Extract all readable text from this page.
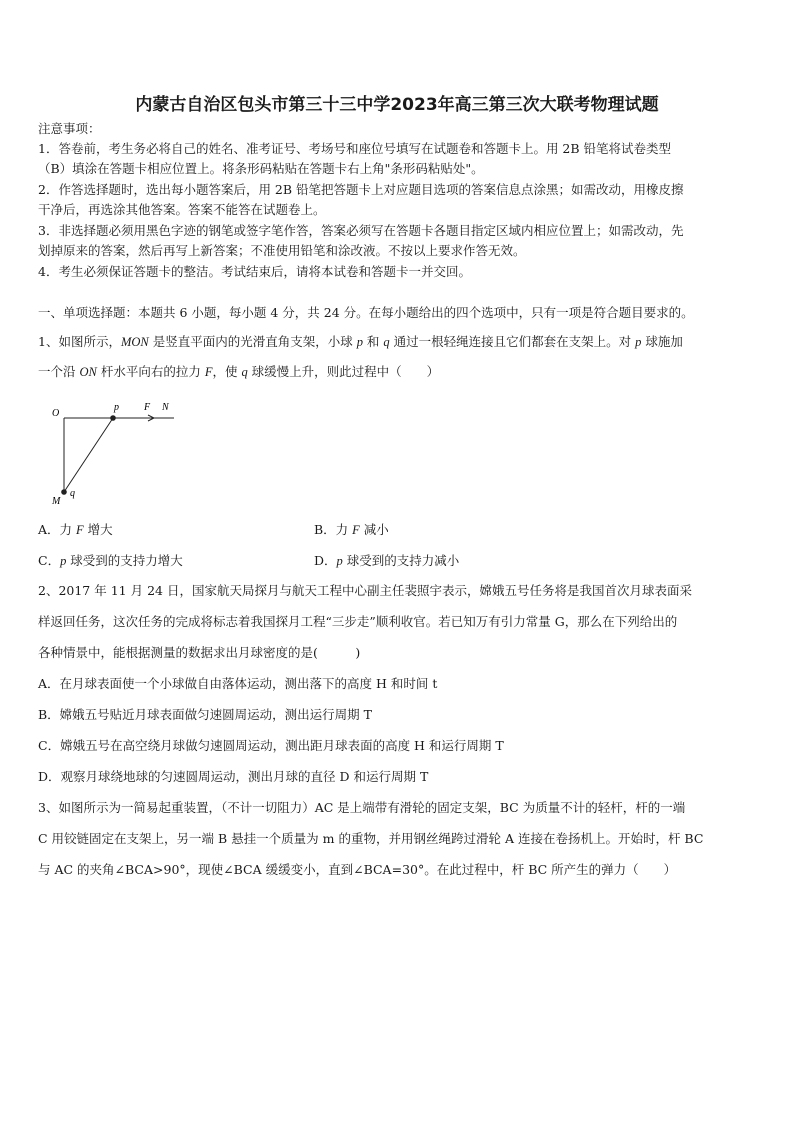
内蒙古自治区包头市第三十三中学2023年高三第三次大联考物理试题
注意事项：
1．答卷前，考生务必将自己的姓名、准考证号、考场号和座位号填写在试题卷和答题卡上。用 2B 铅笔将试卷类型
（B）填涂在答题卡相应位置上。将条形码粘贴在答题卡右上角"条形码粘贴处"。
2．作答选择题时，选出每小题答案后，用 2B 铅笔把答题卡上对应题目选项的答案信息点涂黑；如需改动，用橡皮擦
干净后，再选涂其他答案。答案不能答在试题卷上。
3．非选择题必须用黑色字迹的钢笔或签字笔作答，答案必须写在答题卡各题目指定区域内相应位置上；如需改动，先
划掉原来的答案，然后再写上新答案；不准使用铅笔和涂改液。不按以上要求作答无效。
4．考生必须保证答题卡的整洁。考试结束后，请将本试卷和答题卡一并交回。
一、单项选择题：本题共 6 小题，每小题 4 分，共 24 分。在每小题给出的四个选项中，只有一项是符合题目要求的。
1、如图所示，MON 是竖直平面内的光滑直角支架，小球 p 和 q 通过一根轻绳连接且它们都套在支架上。对 p 球施加
一个沿 ON 杆水平向右的拉力 F，使 q 球缓慢上升，则此过程中（　　）
O
p	F N
M
q
A．力 F 增大	B．力 F 减小
C．p 球受到的支持力增大	D．p 球受到的支持力减小
2、2017 年 11 月 24 日，国家航天局探月与航天工程中心副主任裴照宇表示，嫦娥五号任务将是我国首次月球表面采
样返回任务，这次任务的完成将标志着我国探月工程“三步走”顺利收官。若已知万有引力常量 G，那么在下列给出的
各种情景中，能根据测量的数据求出月球密度的是(　　　)
A．在月球表面使一个小球做自由落体运动，测出落下的高度 H 和时间 t
B．嫦娥五号贴近月球表面做匀速圆周运动，测出运行周期 T
C．嫦娥五号在高空绕月球做匀速圆周运动，测出距月球表面的高度 H 和运行周期 T
D．观察月球绕地球的匀速圆周运动，测出月球的直径 D 和运行周期 T
3、如图所示为一简易起重装置，（不计一切阻力）AC 是上端带有滑轮的固定支架，BC 为质量不计的轻杆，杆的一端
C 用铰链固定在支架上，另一端 B 悬挂一个质量为 m 的重物，并用钢丝绳跨过滑轮 A 连接在卷扬机上。开始时，杆 BC
与 AC 的夹角∠BCA>90°，现使∠BCA 缓缓变小，直到∠BCA=30°。在此过程中，杆 BC 所产生的弹力（　　）
